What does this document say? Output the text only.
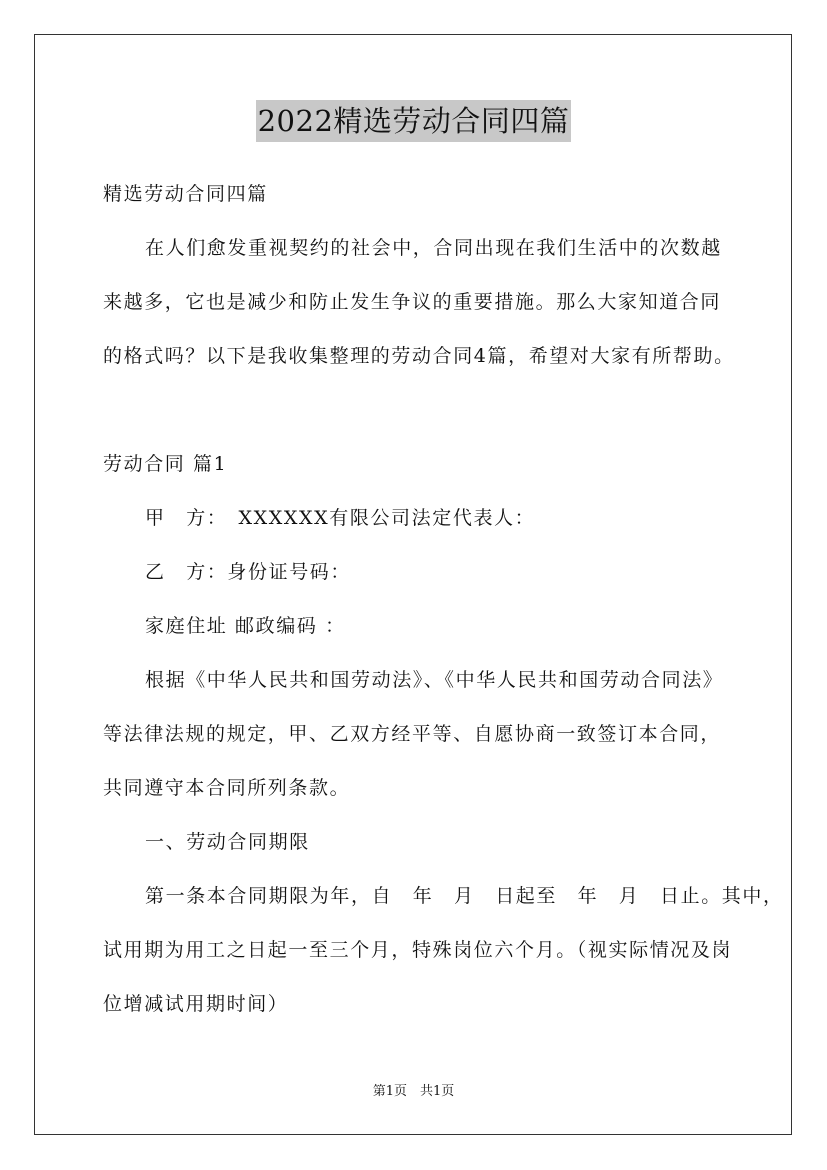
2022精选劳动合同四篇
精选劳动合同四篇
在人们愈发重视契约的社会中，合同出现在我们生活中的次数越
来越多，它也是减少和防止发生争议的重要措施。那么大家知道合同
的格式吗？以下是我收集整理的劳动合同4篇，希望对大家有所帮助。
劳动合同 篇1
甲　方：　XXXXXX有限公司法定代表人：
乙　方：身份证号码：
家庭住址 邮政编码 ：
根据《中华人民共和国劳动法》、《中华人民共和国劳动合同法》
等法律法规的规定，甲、乙双方经平等、自愿协商一致签订本合同，
共同遵守本合同所列条款。
一、劳动合同期限
第一条本合同期限为年，自　年　月　日起至　年　月　日止。其中，
试用期为用工之日起一至三个月，特殊岗位六个月。（视实际情况及岗
位增减试用期时间）
第1页　共1页
